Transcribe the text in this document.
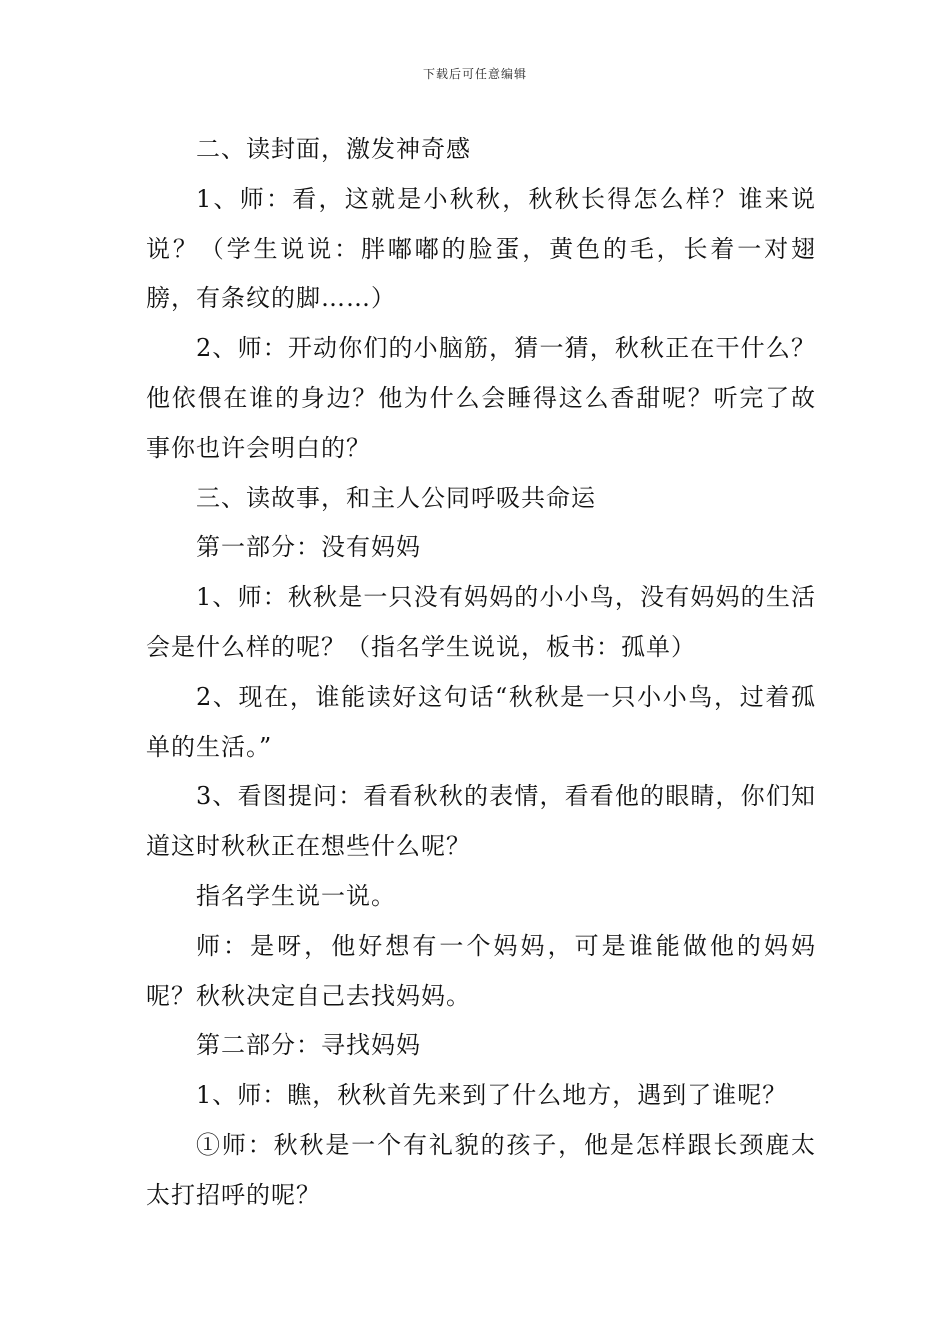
下载后可任意编辑

二、读封面，激发神奇感

1、师：看，这就是小秋秋，秋秋长得怎么样？谁来说说？（学生说说：胖嘟嘟的脸蛋，黄色的毛，长着一对翅膀，有条纹的脚……）

2、师：开动你们的小脑筋，猜一猜，秋秋正在干什么？他依偎在谁的身边？他为什么会睡得这么香甜呢？听完了故事你也许会明白的？

三、读故事，和主人公同呼吸共命运

第一部分：没有妈妈

1、师：秋秋是一只没有妈妈的小小鸟，没有妈妈的生活会是什么样的呢？（指名学生说说，板书：孤单）

2、现在，谁能读好这句话“秋秋是一只小小鸟，过着孤单的生活。”

3、看图提问：看看秋秋的表情，看看他的眼睛，你们知道这时秋秋正在想些什么呢？

指名学生说一说。

师：是呀，他好想有一个妈妈，可是谁能做他的妈妈呢？秋秋决定自己去找妈妈。

第二部分：寻找妈妈

1、师：瞧，秋秋首先来到了什么地方，遇到了谁呢？

①师：秋秋是一个有礼貌的孩子，他是怎样跟长颈鹿太太打招呼的呢？
